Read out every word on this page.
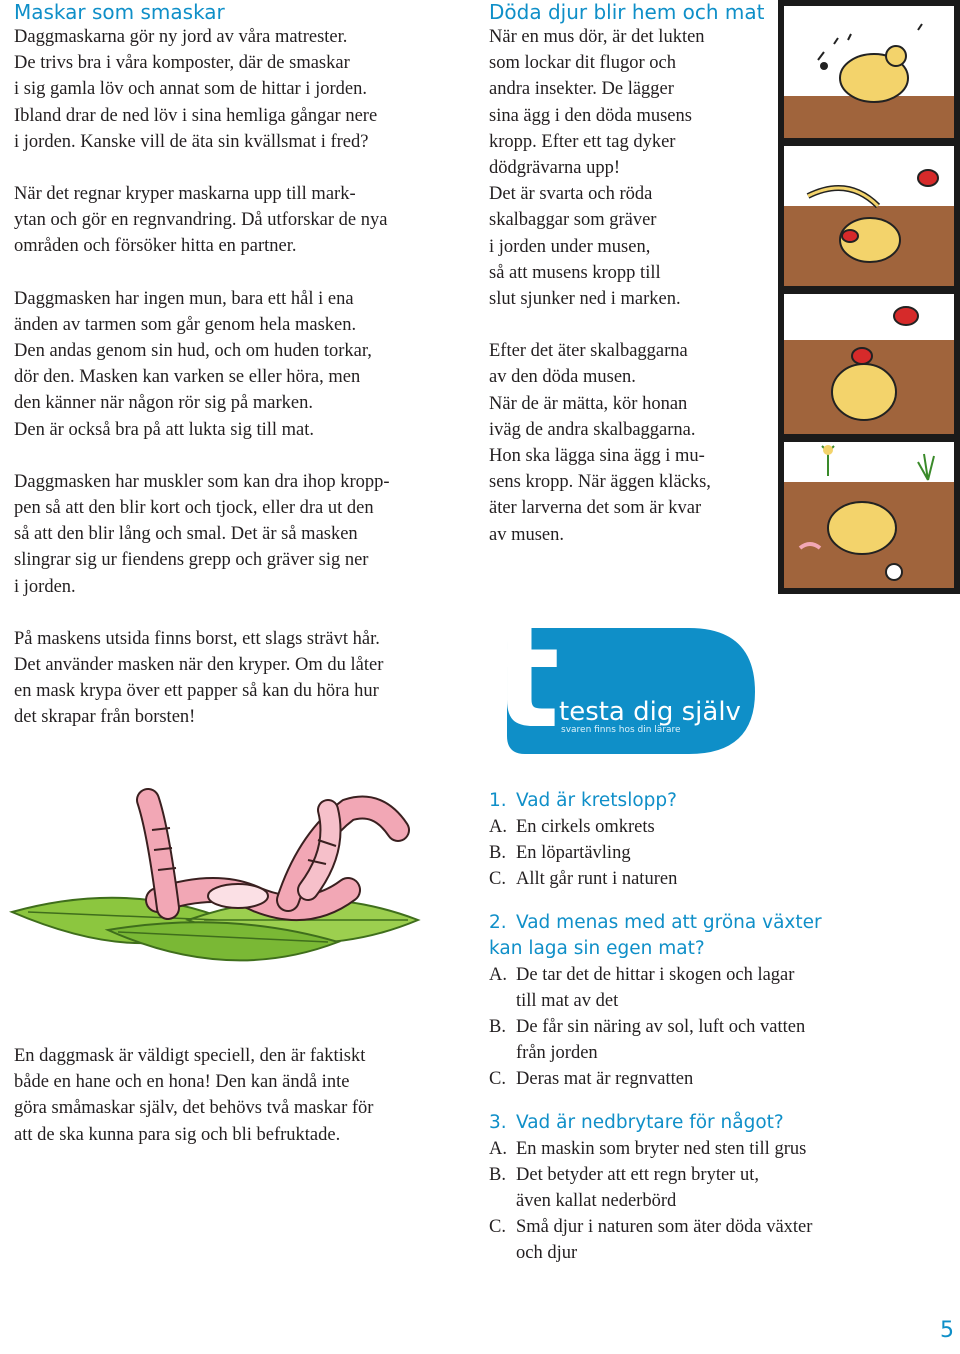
Maskar som smaskar
Daggmaskarna gör ny jord av våra matrester.
De trivs bra i våra komposter, där de smaskar
i sig gamla löv och annat som de hittar i jorden.
Ibland drar de ned löv i sina hemliga gångar nere
i jorden. Kanske vill de äta sin kvällsmat i fred?
När det regnar kryper maskarna upp till mark-
ytan och gör en regnvandring. Då utforskar de nya
områden och försöker hitta en partner.
Daggmasken har ingen mun, bara ett hål i ena
änden av tarmen som går genom hela masken.
Den andas genom sin hud, och om huden torkar,
dör den. Masken kan varken se eller höra, men
den känner när någon rör sig på marken.
Den är också bra på att lukta sig till mat.
Daggmasken har muskler som kan dra ihop kropp-
pen så att den blir kort och tjock, eller dra ut den
så att den blir lång och smal. Det är så masken
slingrar sig ur fiendens grepp och gräver sig ner
i jorden.
På maskens utsida finns borst, ett slags strävt hår.
Det använder masken när den kryper. Om du låter
en mask krypa över ett papper så kan du höra hur
det skrapar från borsten!
Döda djur blir hem och mat
När en mus dör, är det lukten
som lockar dit flugor och
andra insekter. De lägger
sina ägg i den döda musens
kropp. Efter ett tag dyker
dödgrävarna upp!
Det är svarta och röda
skalbaggar som gräver
i jorden under musen,
så att musens kropp till
slut sjunker ned i marken.
Efter det äter skalbaggarna
av den döda musen.
När de är mätta, kör honan
iväg de andra skalbaggarna.
Hon ska lägga sina ägg i mu-
sens kropp. När äggen kläcks,
äter larverna det som är kvar
av musen.
t testa dig själv
svaren finns hos din lärare
1. Vad är kretslopp?
A. En cirkels omkrets
B. En löpartävling
C. Allt går runt i naturen
2. Vad menas med att gröna växter
kan laga sin egen mat?
A. De tar det de hittar i skogen och lagar
till mat av det
B. De får sin näring av sol, luft och vatten
från jorden
C. Deras mat är regnvatten
3. Vad är nedbrytare för något?
A. En maskin som bryter ned sten till grus
B. Det betyder att ett regn bryter ut,
även kallat nederbörd
C. Små djur i naturen som äter döda växter
och djur
En daggmask är väldigt speciell, den är faktiskt
både en hane och en hona! Den kan ändå inte
göra småmaskar själv, det behövs två maskar för
att de ska kunna para sig och bli befruktade.
5
